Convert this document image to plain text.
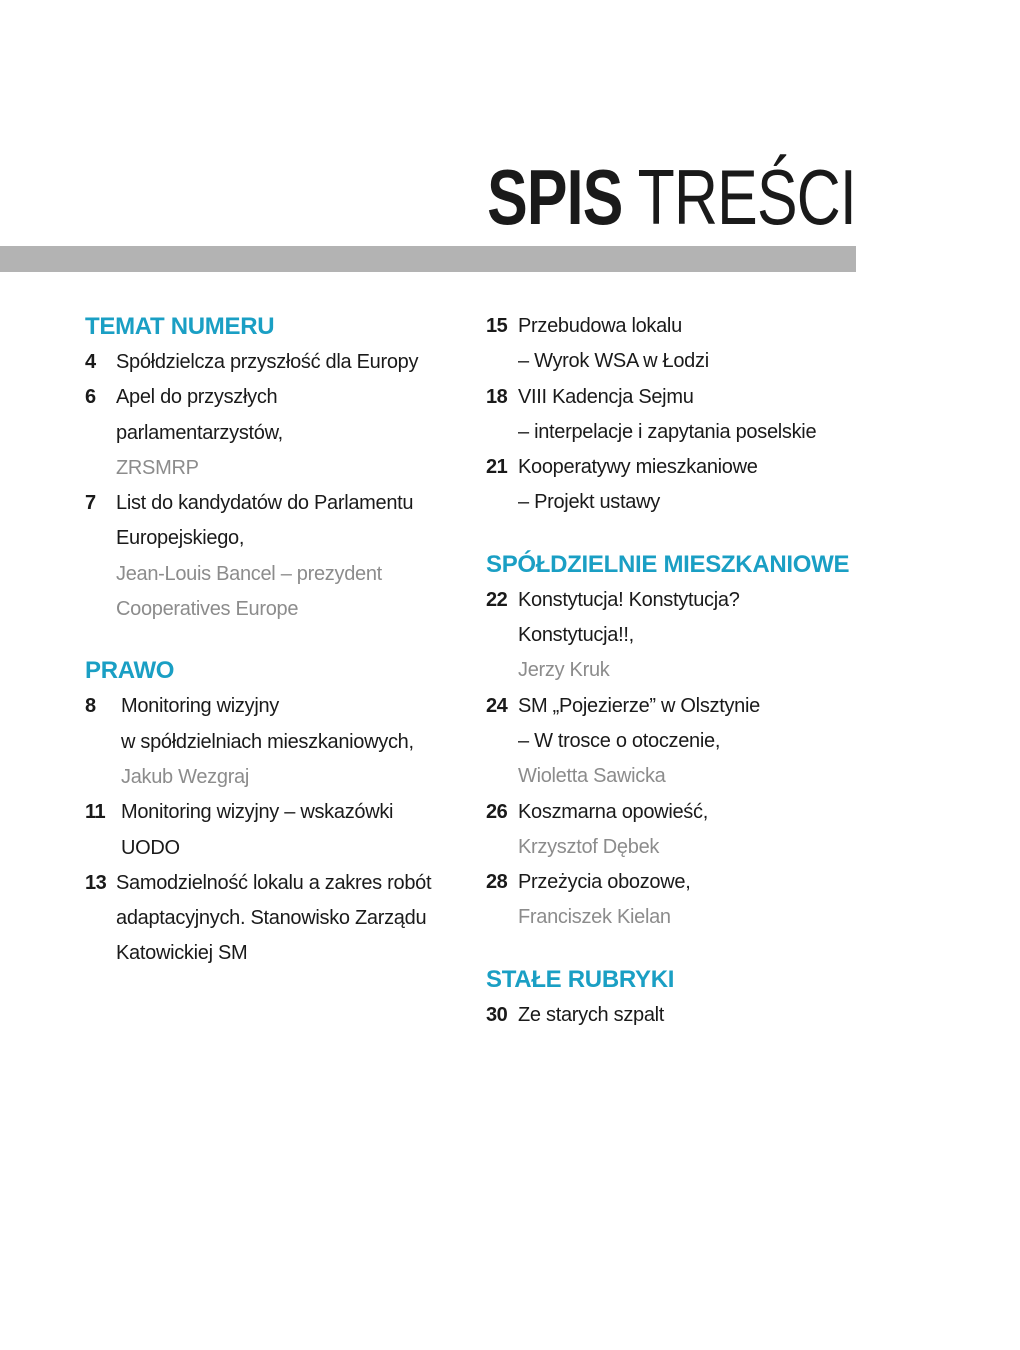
SPIS TREŚCI
TEMAT NUMERU
4	Spółdzielcza przyszłość dla Europy
6	Apel do przyszłych
parlamentarzystów,
ZRSMRP
7	List do kandydatów do Parlamentu
Europejskiego,
Jean-Louis Bancel – prezydent
Cooperatives Europe
PRAWO
8	Monitoring wizyjny
w spółdzielniach mieszkaniowych,
Jakub Wezgraj
11 Monitoring wizyjny – wskazówki
UODO
13 Samodzielność lokalu a zakres robót
adaptacyjnych. Stanowisko Zarządu
Katowickiej SM
15 Przebudowa lokalu
– Wyrok WSA w Łodzi
18 VIII Kadencja Sejmu
– interpelacje i zapytania poselskie
21 Kooperatywy mieszkaniowe
– Projekt ustawy
SPÓŁDZIELNIE MIESZKANIOWE
22 Konstytucja! Konstytucja?
Konstytucja!!,
Jerzy Kruk
24 SM „Pojezierze” w Olsztynie
– W trosce o otoczenie,
Wioletta Sawicka
26 Koszmarna opowieść,
Krzysztof Dębek
28 Przeżycia obozowe,
Franciszek Kielan
STAŁE RUBRYKI
30 Ze starych szpalt
